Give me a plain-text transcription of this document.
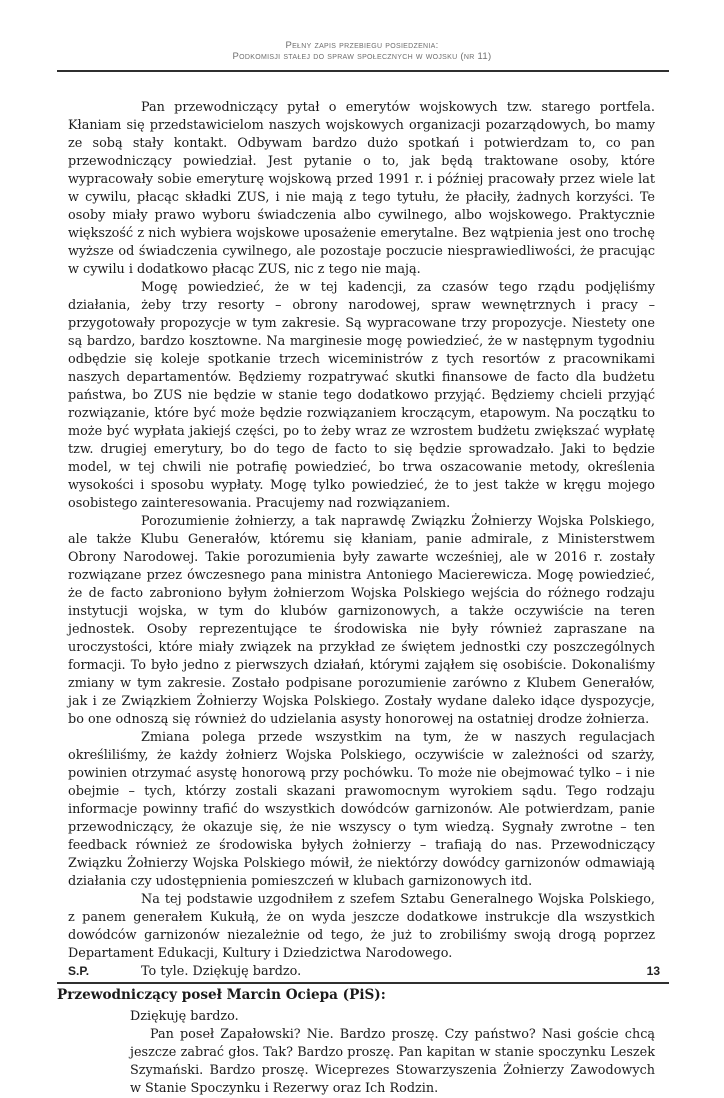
Pełny zapis przebiegu posiedzenia:
Podkomisji stałej do spraw społecznych w wojsku (nr 11)

Pan przewodniczący pytał o emerytów wojskowych tzw. starego portfela. Kłaniam się przedstawicielom naszych wojskowych organizacji pozarządowych, bo mamy ze sobą stały kontakt. Odbywam bardzo dużo spotkań i potwierdzam to, co pan przewodniczący powiedział. Jest pytanie o to, jak będą traktowane osoby, które wypracowały sobie emeryturę wojskową przed 1991 r. i później pracowały przez wiele lat w cywilu, płacąc składki ZUS, i nie mają z tego tytułu, że płaciły, żadnych korzyści. Te osoby miały prawo wyboru świadczenia albo cywilnego, albo wojskowego. Praktycznie większość z nich wybiera wojskowe uposażenie emerytalne. Bez wątpienia jest ono trochę wyższe od świadczenia cywilnego, ale pozostaje poczucie niesprawiedliwości, że pracując w cywilu i dodatkowo płacąc ZUS, nic z tego nie mają.

Mogę powiedzieć, że w tej kadencji, za czasów tego rządu podjęliśmy działania, żeby trzy resorty – obrony narodowej, spraw wewnętrznych i pracy – przygotowały propozycje w tym zakresie. Są wypracowane trzy propozycje. Niestety one są bardzo, bardzo kosztowne. Na marginesie mogę powiedzieć, że w następnym tygodniu odbędzie się koleje spotkanie trzech wiceministrów z tych resortów z pracownikami naszych departamentów. Będziemy rozpatrywać skutki finansowe de facto dla budżetu państwa, bo ZUS nie będzie w stanie tego dodatkowo przyjąć. Będziemy chcieli przyjąć rozwiązanie, które być może będzie rozwiązaniem kroczącym, etapowym. Na początku to może być wypłata jakiejś części, po to żeby wraz ze wzrostem budżetu zwiększać wypłatę tzw. drugiej emerytury, bo do tego de facto to się będzie sprowadzało. Jaki to będzie model, w tej chwili nie potrafię powiedzieć, bo trwa oszacowanie metody, określenia wysokości i sposobu wypłaty. Mogę tylko powiedzieć, że to jest także w kręgu mojego osobistego zainteresowania. Pracujemy nad rozwiązaniem.

Porozumienie żołnierzy, a tak naprawdę Związku Żołnierzy Wojska Polskiego, ale także Klubu Generałów, któremu się kłaniam, panie admirale, z Ministerstwem Obrony Narodowej. Takie porozumienia były zawarte wcześniej, ale w 2016 r. zostały rozwiązane przez ówczesnego pana ministra Antoniego Macierewicza. Mogę powiedzieć, że de facto zabroniono byłym żołnierzom Wojska Polskiego wejścia do różnego rodzaju instytucji wojska, w tym do klubów garnizonowych, a także oczywiście na teren jednostek. Osoby reprezentujące te środowiska nie były również zapraszane na uroczystości, które miały związek na przykład ze świętem jednostki czy poszczególnych formacji. To było jedno z pierwszych działań, którymi zająłem się osobiście. Dokonaliśmy zmiany w tym zakresie. Zostało podpisane porozumienie zarówno z Klubem Generałów, jak i ze Związkiem Żołnierzy Wojska Polskiego. Zostały wydane daleko idące dyspozycje, bo one odnoszą się również do udzielania asysty honorowej na ostatniej drodze żołnierza.

Zmiana polega przede wszystkim na tym, że w naszych regulacjach określiliśmy, że każdy żołnierz Wojska Polskiego, oczywiście w zależności od szarży, powinien otrzymać asystę honorową przy pochówku. To może nie obejmować tylko – i nie obejmie – tych, którzy zostali skazani prawomocnym wyrokiem sądu. Tego rodzaju informacje powinny trafić do wszystkich dowódców garnizonów. Ale potwierdzam, panie przewodniczący, że okazuje się, że nie wszyscy o tym wiedzą. Sygnały zwrotne – ten feedback również ze środowiska byłych żołnierzy – trafiają do nas. Przewodniczący Związku Żołnierzy Wojska Polskiego mówił, że niektórzy dowódcy garnizonów odmawiają działania czy udostępnienia pomieszczeń w klubach garnizonowych itd.

Na tej podstawie uzgodniłem z szefem Sztabu Generalnego Wojska Polskiego, z panem generałem Kukułą, że on wyda jeszcze dodatkowe instrukcje dla wszystkich dowódców garnizonów niezależnie od tego, że już to zrobiliśmy swoją drogą poprzez Departament Edukacji, Kultury i Dziedzictwa Narodowego.

To tyle. Dziękuję bardzo.

Przewodniczący poseł Marcin Ociepa (PiS):

Dziękuję bardzo.

Pan poseł Zapałowski? Nie. Bardzo proszę. Czy państwo? Nasi goście chcą jeszcze zabrać głos. Tak? Bardzo proszę. Pan kapitan w stanie spoczynku Leszek Szymański. Bardzo proszę. Wiceprezes Stowarzyszenia Żołnierzy Zawodowych w Stanie Spoczynku i Rezerwy oraz Ich Rodzin.

S.P.	13
